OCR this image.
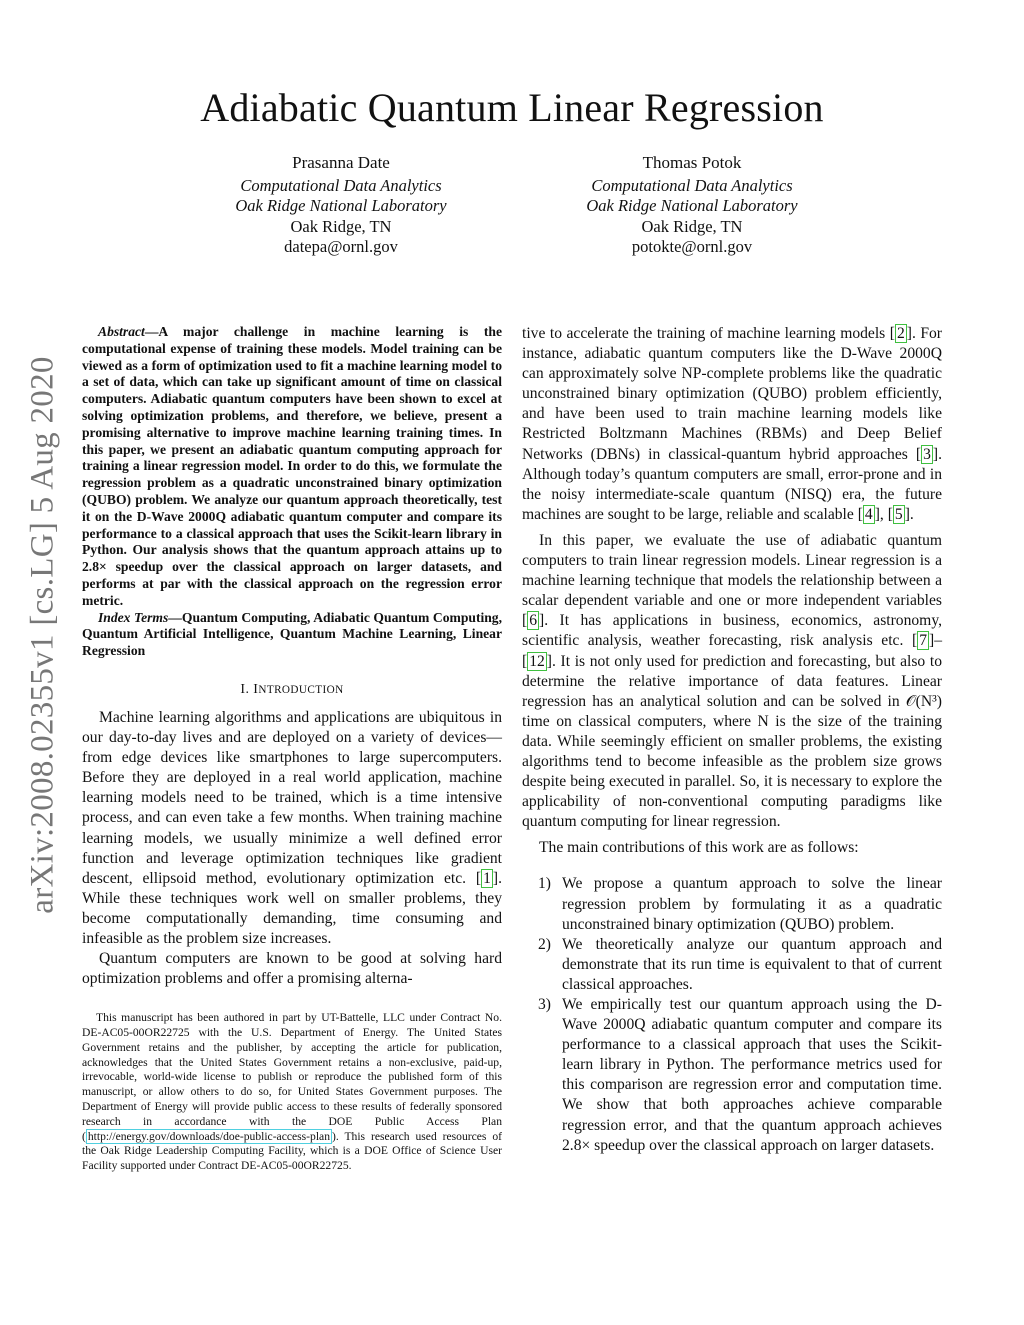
arXiv:2008.02355v1 [cs.LG] 5 Aug 2020
Adiabatic Quantum Linear Regression
Prasanna Date
Computational Data Analytics
Oak Ridge National Laboratory
Oak Ridge, TN
datepa@ornl.gov
Thomas Potok
Computational Data Analytics
Oak Ridge National Laboratory
Oak Ridge, TN
potokte@ornl.gov

Abstract—A major challenge in machine learning is the computational expense of training these models. Model training can be viewed as a form of optimization used to fit a machine learning model to a set of data, which can take up significant amount of time on classical computers. Adiabatic quantum computers have been shown to excel at solving optimization problems, and therefore, we believe, present a promising alternative to improve machine learning training times. In this paper, we present an adiabatic quantum computing approach for training a linear regression model. In order to do this, we formulate the regression problem as a quadratic unconstrained binary optimization (QUBO) problem. We analyze our quantum approach theoretically, test it on the D-Wave 2000Q adiabatic quantum computer and compare its performance to a classical approach that uses the Scikit-learn library in Python. Our analysis shows that the quantum approach attains up to 2.8× speedup over the classical approach on larger datasets, and performs at par with the classical approach on the regression error metric.

Index Terms—Quantum Computing, Adiabatic Quantum Computing, Quantum Artificial Intelligence, Quantum Machine Learning, Linear Regression

I. INTRODUCTION

Machine learning algorithms and applications are ubiquitous in our day-to-day lives and are deployed on a variety of devices—from edge devices like smartphones to large supercomputers. Before they are deployed in a real world application, machine learning models need to be trained, which is a time intensive process, and can even take a few months. When training machine learning models, we usually minimize a well defined error function and leverage optimization techniques like gradient descent, ellipsoid method, evolutionary optimization etc. [ 1 ]. While these techniques work well on smaller problems, they become computationally demanding, time consuming and infeasible as the problem size increases.

Quantum computers are known to be good at solving hard optimization problems and offer a promising alterna-

This manuscript has been authored in part by UT-Battelle, LLC under Contract No. DE-AC05-00OR22725 with the U.S. Department of Energy. The United States Government retains and the publisher, by accepting the article for publication, acknowledges that the United States Government retains a non-exclusive, paid-up, irrevocable, world-wide license to publish or reproduce the published form of this manuscript, or allow others to do so, for United States Government purposes. The Department of Energy will provide public access to these results of federally sponsored research in accordance with the DOE Public Access Plan ( http://energy.gov/downloads/doe-public-access-plan ). This research used resources of the Oak Ridge Leadership Computing Facility, which is a DOE Office of Science User Facility supported under Contract DE-AC05-00OR22725.

tive to accelerate the training of machine learning models [ 2 ]. For instance, adiabatic quantum computers like the D-Wave 2000Q can approximately solve NP-complete problems like the quadratic unconstrained binary optimization (QUBO) problem efficiently, and have been used to train machine learning models like Restricted Boltzmann Machines (RBMs) and Deep Belief Networks (DBNs) in classical-quantum hybrid approaches [ 3 ]. Although today’s quantum computers are small, error-prone and in the noisy intermediate-scale quantum (NISQ) era, the future machines are sought to be large, reliable and scalable [ 4 ], [ 5 ].

In this paper, we evaluate the use of adiabatic quantum computers to train linear regression models. Linear regression is a machine learning technique that models the relationship between a scalar dependent variable and one or more independent variables [ 6 ]. It has applications in business, economics, astronomy, scientific analysis, weather forecasting, risk analysis etc. [ 7 ]–[ 12 ]. It is not only used for prediction and forecasting, but also to determine the relative importance of data features. Linear regression has an analytical solution and can be solved in 𝒪(N³) time on classical computers, where N is the size of the training data. While seemingly efficient on smaller problems, the existing algorithms tend to become infeasible as the problem size grows despite being executed in parallel. So, it is necessary to explore the applicability of non-conventional computing paradigms like quantum computing for linear regression.

The main contributions of this work are as follows:

1) We propose a quantum approach to solve the linear regression problem by formulating it as a quadratic unconstrained binary optimization (QUBO) problem.
2) We theoretically analyze our quantum approach and demonstrate that its run time is equivalent to that of current classical approaches.
3) We empirically test our quantum approach using the D-Wave 2000Q adiabatic quantum computer and compare its performance to a classical approach that uses the Scikit-learn library in Python. The performance metrics used for this comparison are regression error and computation time. We show that both approaches achieve comparable regression error, and that the quantum approach achieves 2.8× speedup over the classical approach on larger datasets.
